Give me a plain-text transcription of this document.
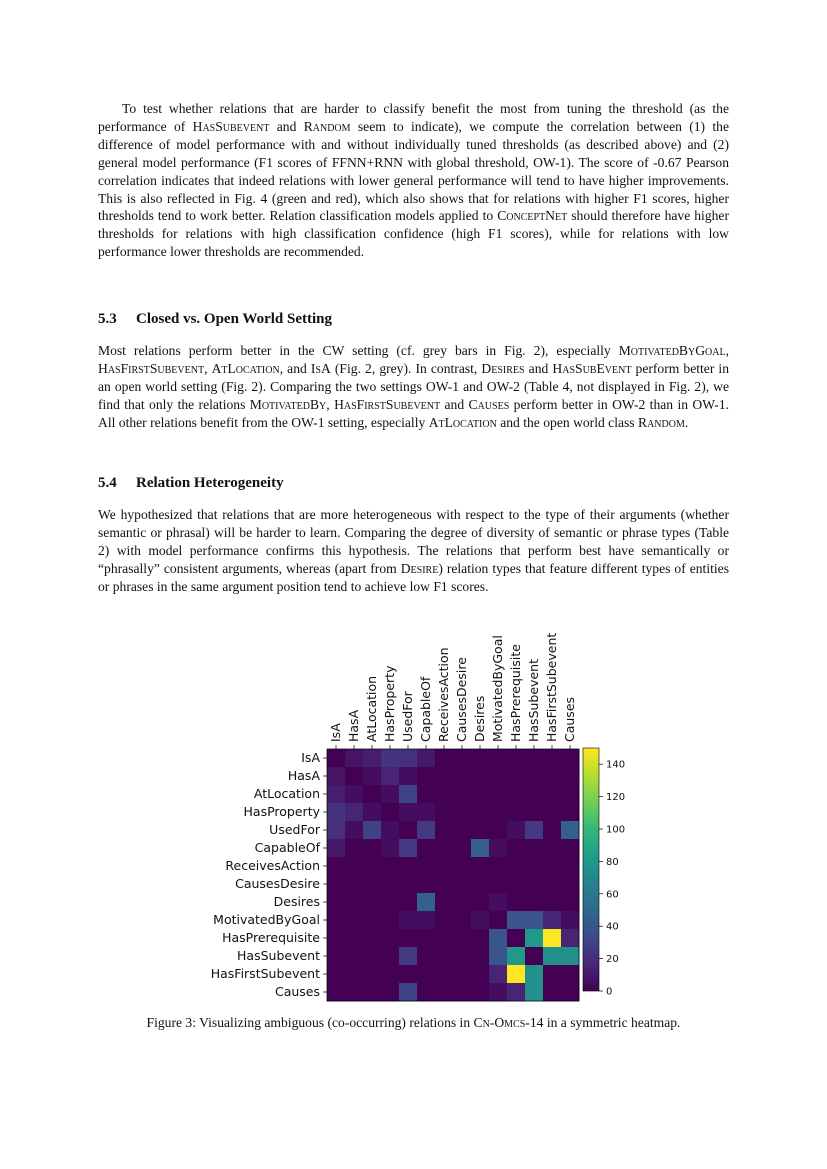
To test whether relations that are harder to classify benefit the most from tuning the threshold (as the performance of HasSubevent and Random seem to indicate), we compute the correlation between (1) the difference of model performance with and without individually tuned thresholds (as described above) and (2) general model performance (F1 scores of FFNN+RNN with global threshold, OW-1). The score of -0.67 Pearson correlation indicates that indeed relations with lower general performance will tend to have higher improvements. This is also reflected in Fig. 4 (green and red), which also shows that for relations with higher F1 scores, higher thresholds tend to work better. Relation classification models applied to ConceptNet should therefore have higher thresholds for relations with high classification confidence (high F1 scores), while for relations with low performance lower thresholds are recommended.

5.3 Closed vs. Open World Setting

Most relations perform better in the CW setting (cf. grey bars in Fig. 2), especially MotivatedByGoal, HasFirstSubevent, AtLocation, and IsA (Fig. 2, grey). In contrast, Desires and HasSubEvent perform better in an open world setting (Fig. 2). Comparing the two settings OW-1 and OW-2 (Table 4, not displayed in Fig. 2), we find that only the relations MotivatedBy, HasFirstSubevent and Causes perform better in OW-2 than in OW-1. All other relations benefit from the OW-1 setting, especially AtLocation and the open world class Random.

5.4 Relation Heterogeneity

We hypothesized that relations that are more heterogeneous with respect to the type of their arguments (whether semantic or phrasal) will be harder to learn. Comparing the degree of diversity of semantic or phrase types (Table 2) with model performance confirms this hypothesis. The relations that perform best have semantically or “phrasally” consistent arguments, whereas (apart from Desire) relation types that feature different types of entities or phrases in the same argument position tend to achieve low F1 scores.

IsA
HasA
AtLocation
HasProperty
UsedFor
CapableOf
ReceivesAction
CausesDesire
Desires
MotivatedByGoal
HasPrerequisite
HasSubevent
HasFirstSubevent
Causes
IsA HasA AtLocation HasProperty UsedFor CapableOf ReceivesAction CausesDesire Desires MotivatedByGoal HasPrerequisite HasSubevent HasFirstSubevent Causes
0
20
40
60
80
100
120
140

Figure 3: Visualizing ambiguous (co-occurring) relations in Cn-Omcs-14 in a symmetric heatmap.
